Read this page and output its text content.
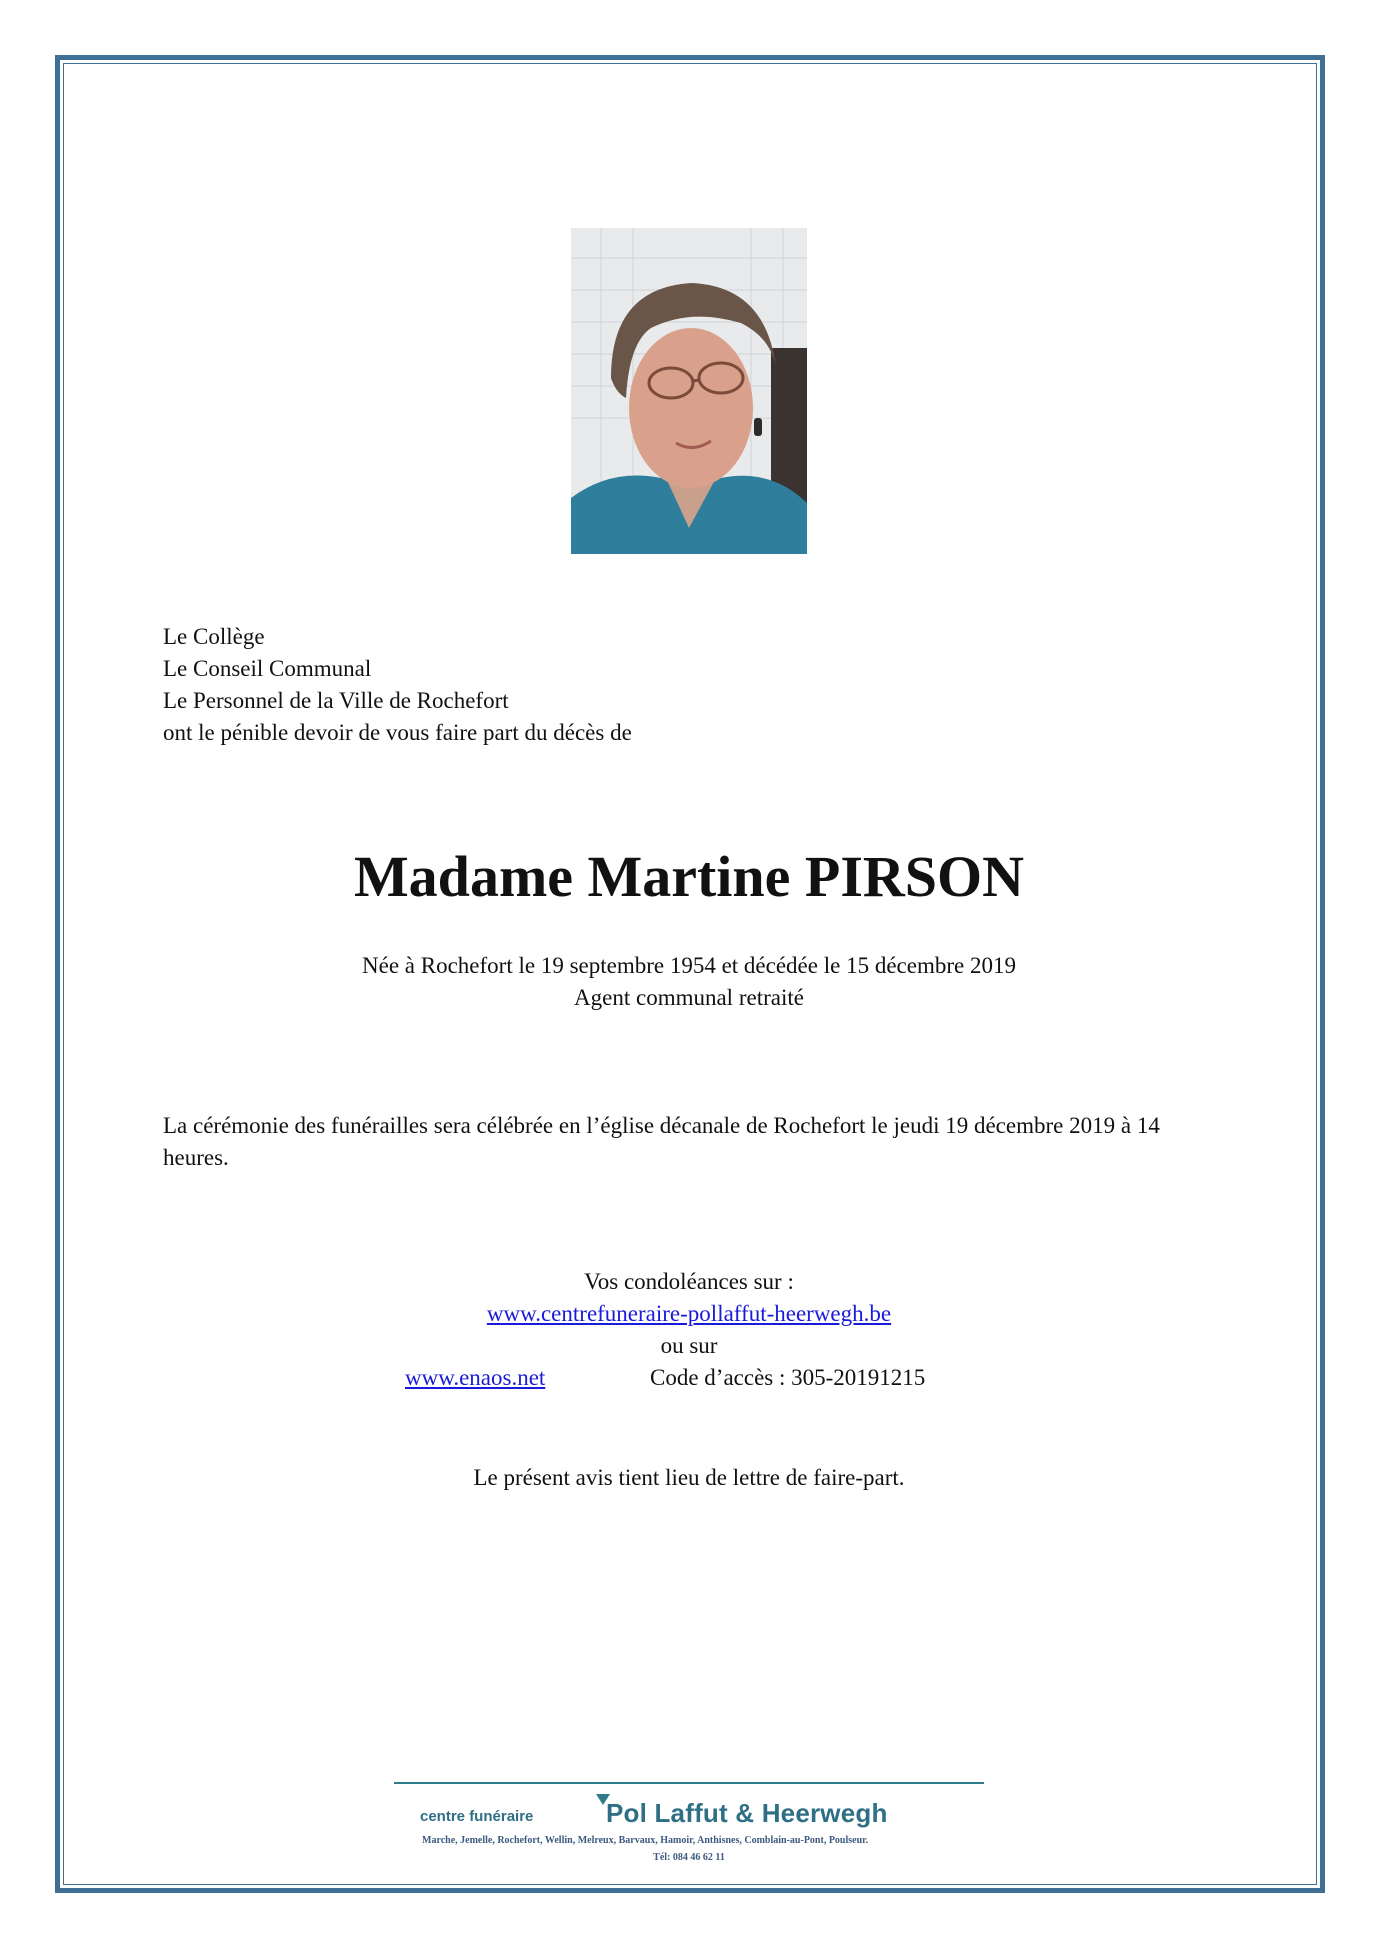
Le Collège
Le Conseil Communal
Le Personnel de la Ville de Rochefort
ont le pénible devoir de vous faire part du décès de
Madame Martine PIRSON
Née à Rochefort le 19 septembre 1954 et décédée le 15 décembre 2019
Agent communal retraité
La cérémonie des funérailles sera célébrée en l’église décanale de Rochefort le jeudi 19 décembre 2019 à 14 heures.
Vos condoléances sur :
www.centrefuneraire-pollaffut-heerwegh.be
ou sur
www.enaos.net	Code d’accès : 305-20191215
Le présent avis tient lieu de lettre de faire-part.
centre funéraire	Pol Laffut & Heerwegh
Marche, Jemelle, Rochefort, Wellin, Melreux, Barvaux, Hamoir, Anthisnes, Comblain-au-Pont, Poulseur.
Tél: 084 46 62 11
